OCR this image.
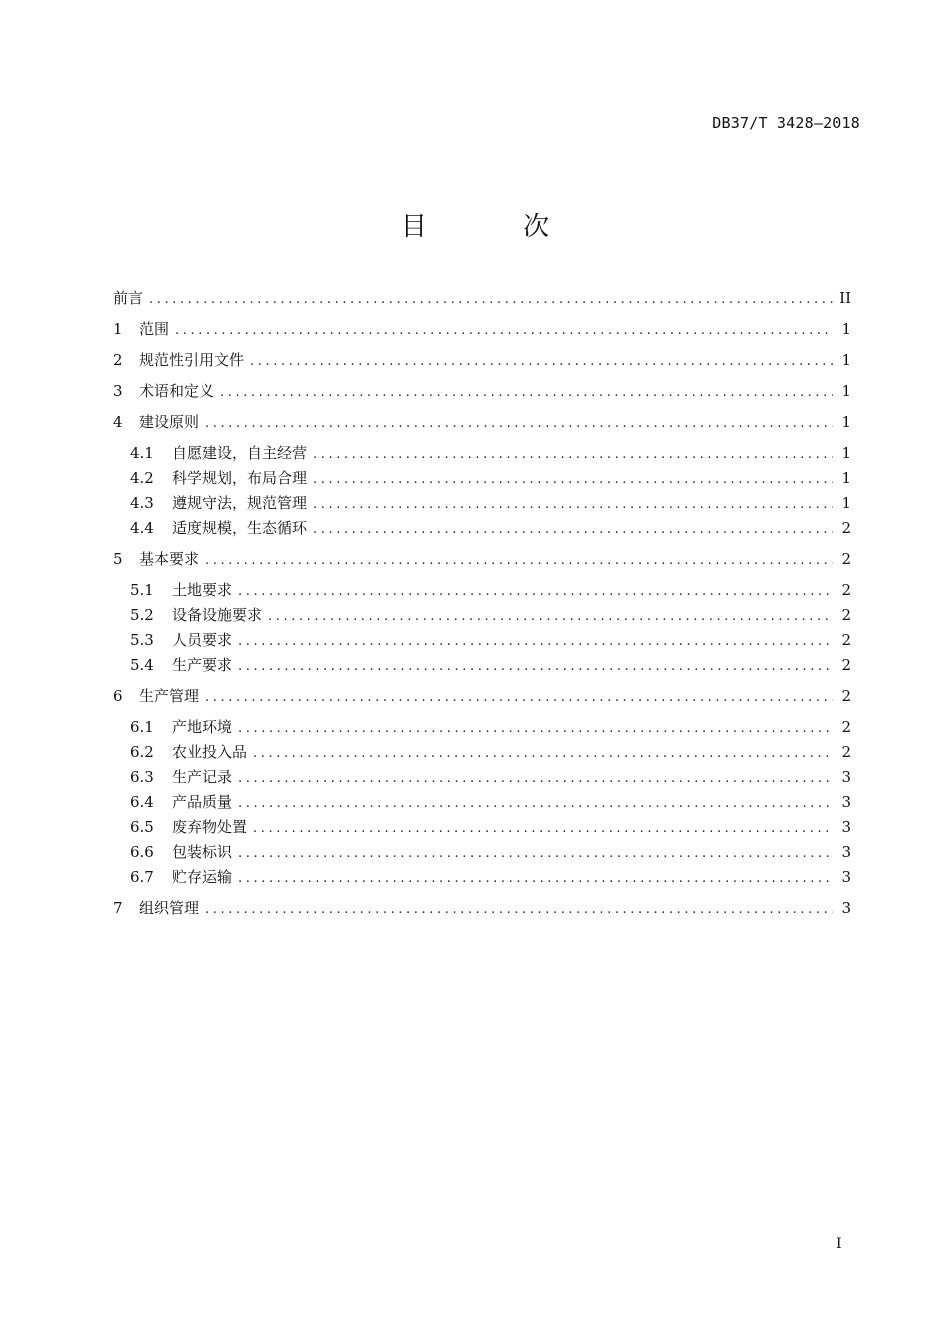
DB37/T 3428—2018
目 次
前言 .....	II
1	范围 .....	1
2	规范性引用文件 .....	1
3	术语和定义 .....	1
4	建设原则 .....	1
4.1	自愿建设，自主经营 .....	1
4.2	科学规划，布局合理 .....	1
4.3	遵规守法，规范管理 .....	1
4.4	适度规模，生态循环 .....	2
5	基本要求 .....	2
5.1	土地要求 .....	2
5.2	设备设施要求 .....	2
5.3	人员要求 .....	2
5.4	生产要求 .....	2
6	生产管理 .....	2
6.1	产地环境 .....	2
6.2	农业投入品 .....	2
6.3	生产记录 .....	3
6.4	产品质量 .....	3
6.5	废弃物处置 .....	3
6.6	包装标识 .....	3
6.7	贮存运输 .....	3
7	组织管理 .....	3
I
